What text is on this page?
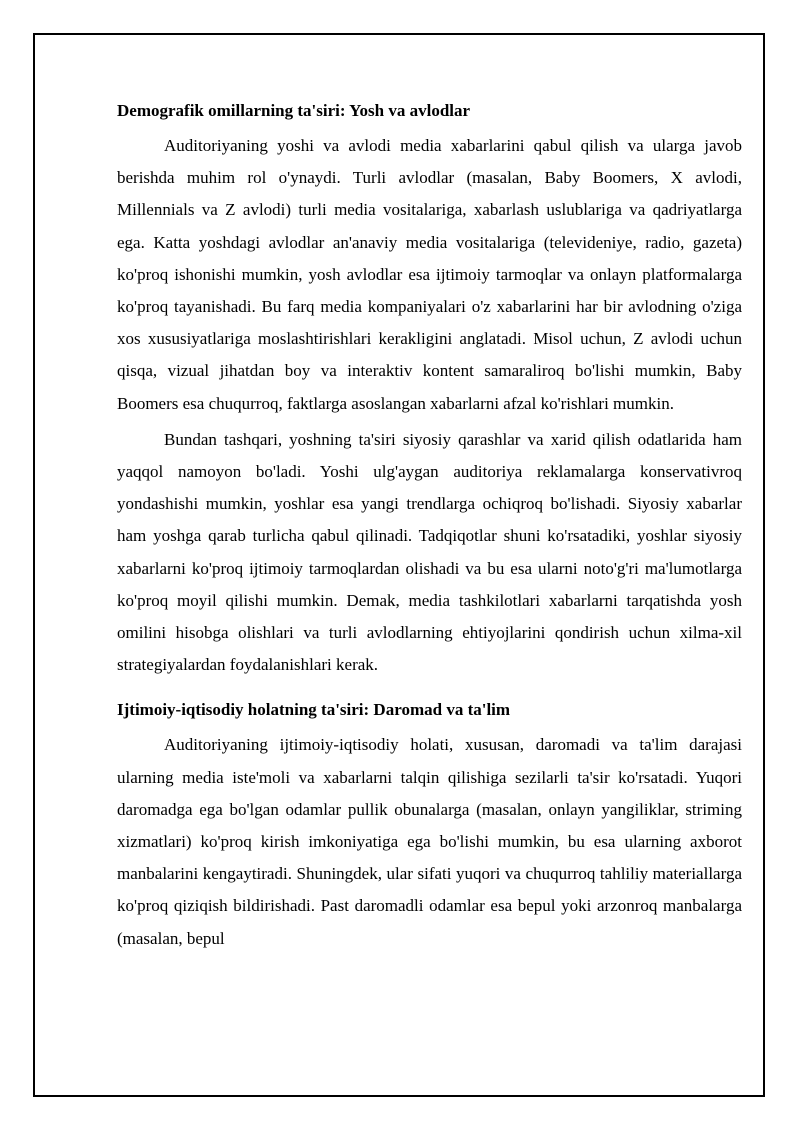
Demografik omillarning ta'siri: Yosh va avlodlar

Auditoriyaning yoshi va avlodi media xabarlarini qabul qilish va ularga javob berishda muhim rol o'ynaydi. Turli avlodlar (masalan, Baby Boomers, X avlodi, Millennials va Z avlodi) turli media vositalariga, xabarlash uslublariga va qadriyatlarga ega. Katta yoshdagi avlodlar an'anaviy media vositalariga (televideniye, radio, gazeta) ko'proq ishonishi mumkin, yosh avlodlar esa ijtimoiy tarmoqlar va onlayn platformalarga ko'proq tayanishadi. Bu farq media kompaniyalari o'z xabarlarini har bir avlodning o'ziga xos xususiyatlariga moslashtirishlari kerakligini anglatadi. Misol uchun, Z avlodi uchun qisqa, vizual jihatdan boy va interaktiv kontent samaraliroq bo'lishi mumkin, Baby Boomers esa chuqurroq, faktlarga asoslangan xabarlarni afzal ko'rishlari mumkin.

Bundan tashqari, yoshning ta'siri siyosiy qarashlar va xarid qilish odatlarida ham yaqqol namoyon bo'ladi. Yoshi ulg'aygan auditoriya reklamalarga konservativroq yondashishi mumkin, yoshlar esa yangi trendlarga ochiqroq bo'lishadi. Siyosiy xabarlar ham yoshga qarab turlicha qabul qilinadi. Tadqiqotlar shuni ko'rsatadiki, yoshlar siyosiy xabarlarni ko'proq ijtimoiy tarmoqlardan olishadi va bu esa ularni noto'g'ri ma'lumotlarga ko'proq moyil qilishi mumkin. Demak, media tashkilotlari xabarlarni tarqatishda yosh omilini hisobga olishlari va turli avlodlarning ehtiyojlarini qondirish uchun xilma-xil strategiyalardan foydalanishlari kerak.

Ijtimoiy-iqtisodiy holatning ta'siri: Daromad va ta'lim

Auditoriyaning ijtimoiy-iqtisodiy holati, xususan, daromadi va ta'lim darajasi ularning media iste'moli va xabarlarni talqin qilishiga sezilarli ta'sir ko'rsatadi. Yuqori daromadga ega bo'lgan odamlar pullik obunalarga (masalan, onlayn yangiliklar, striming xizmatlari) ko'proq kirish imkoniyatiga ega bo'lishi mumkin, bu esa ularning axborot manbalarini kengaytiradi. Shuningdek, ular sifati yuqori va chuqurroq tahliliy materiallarga ko'proq qiziqish bildirishadi. Past daromadli odamlar esa bepul yoki arzonroq manbalarga (masalan, bepul
